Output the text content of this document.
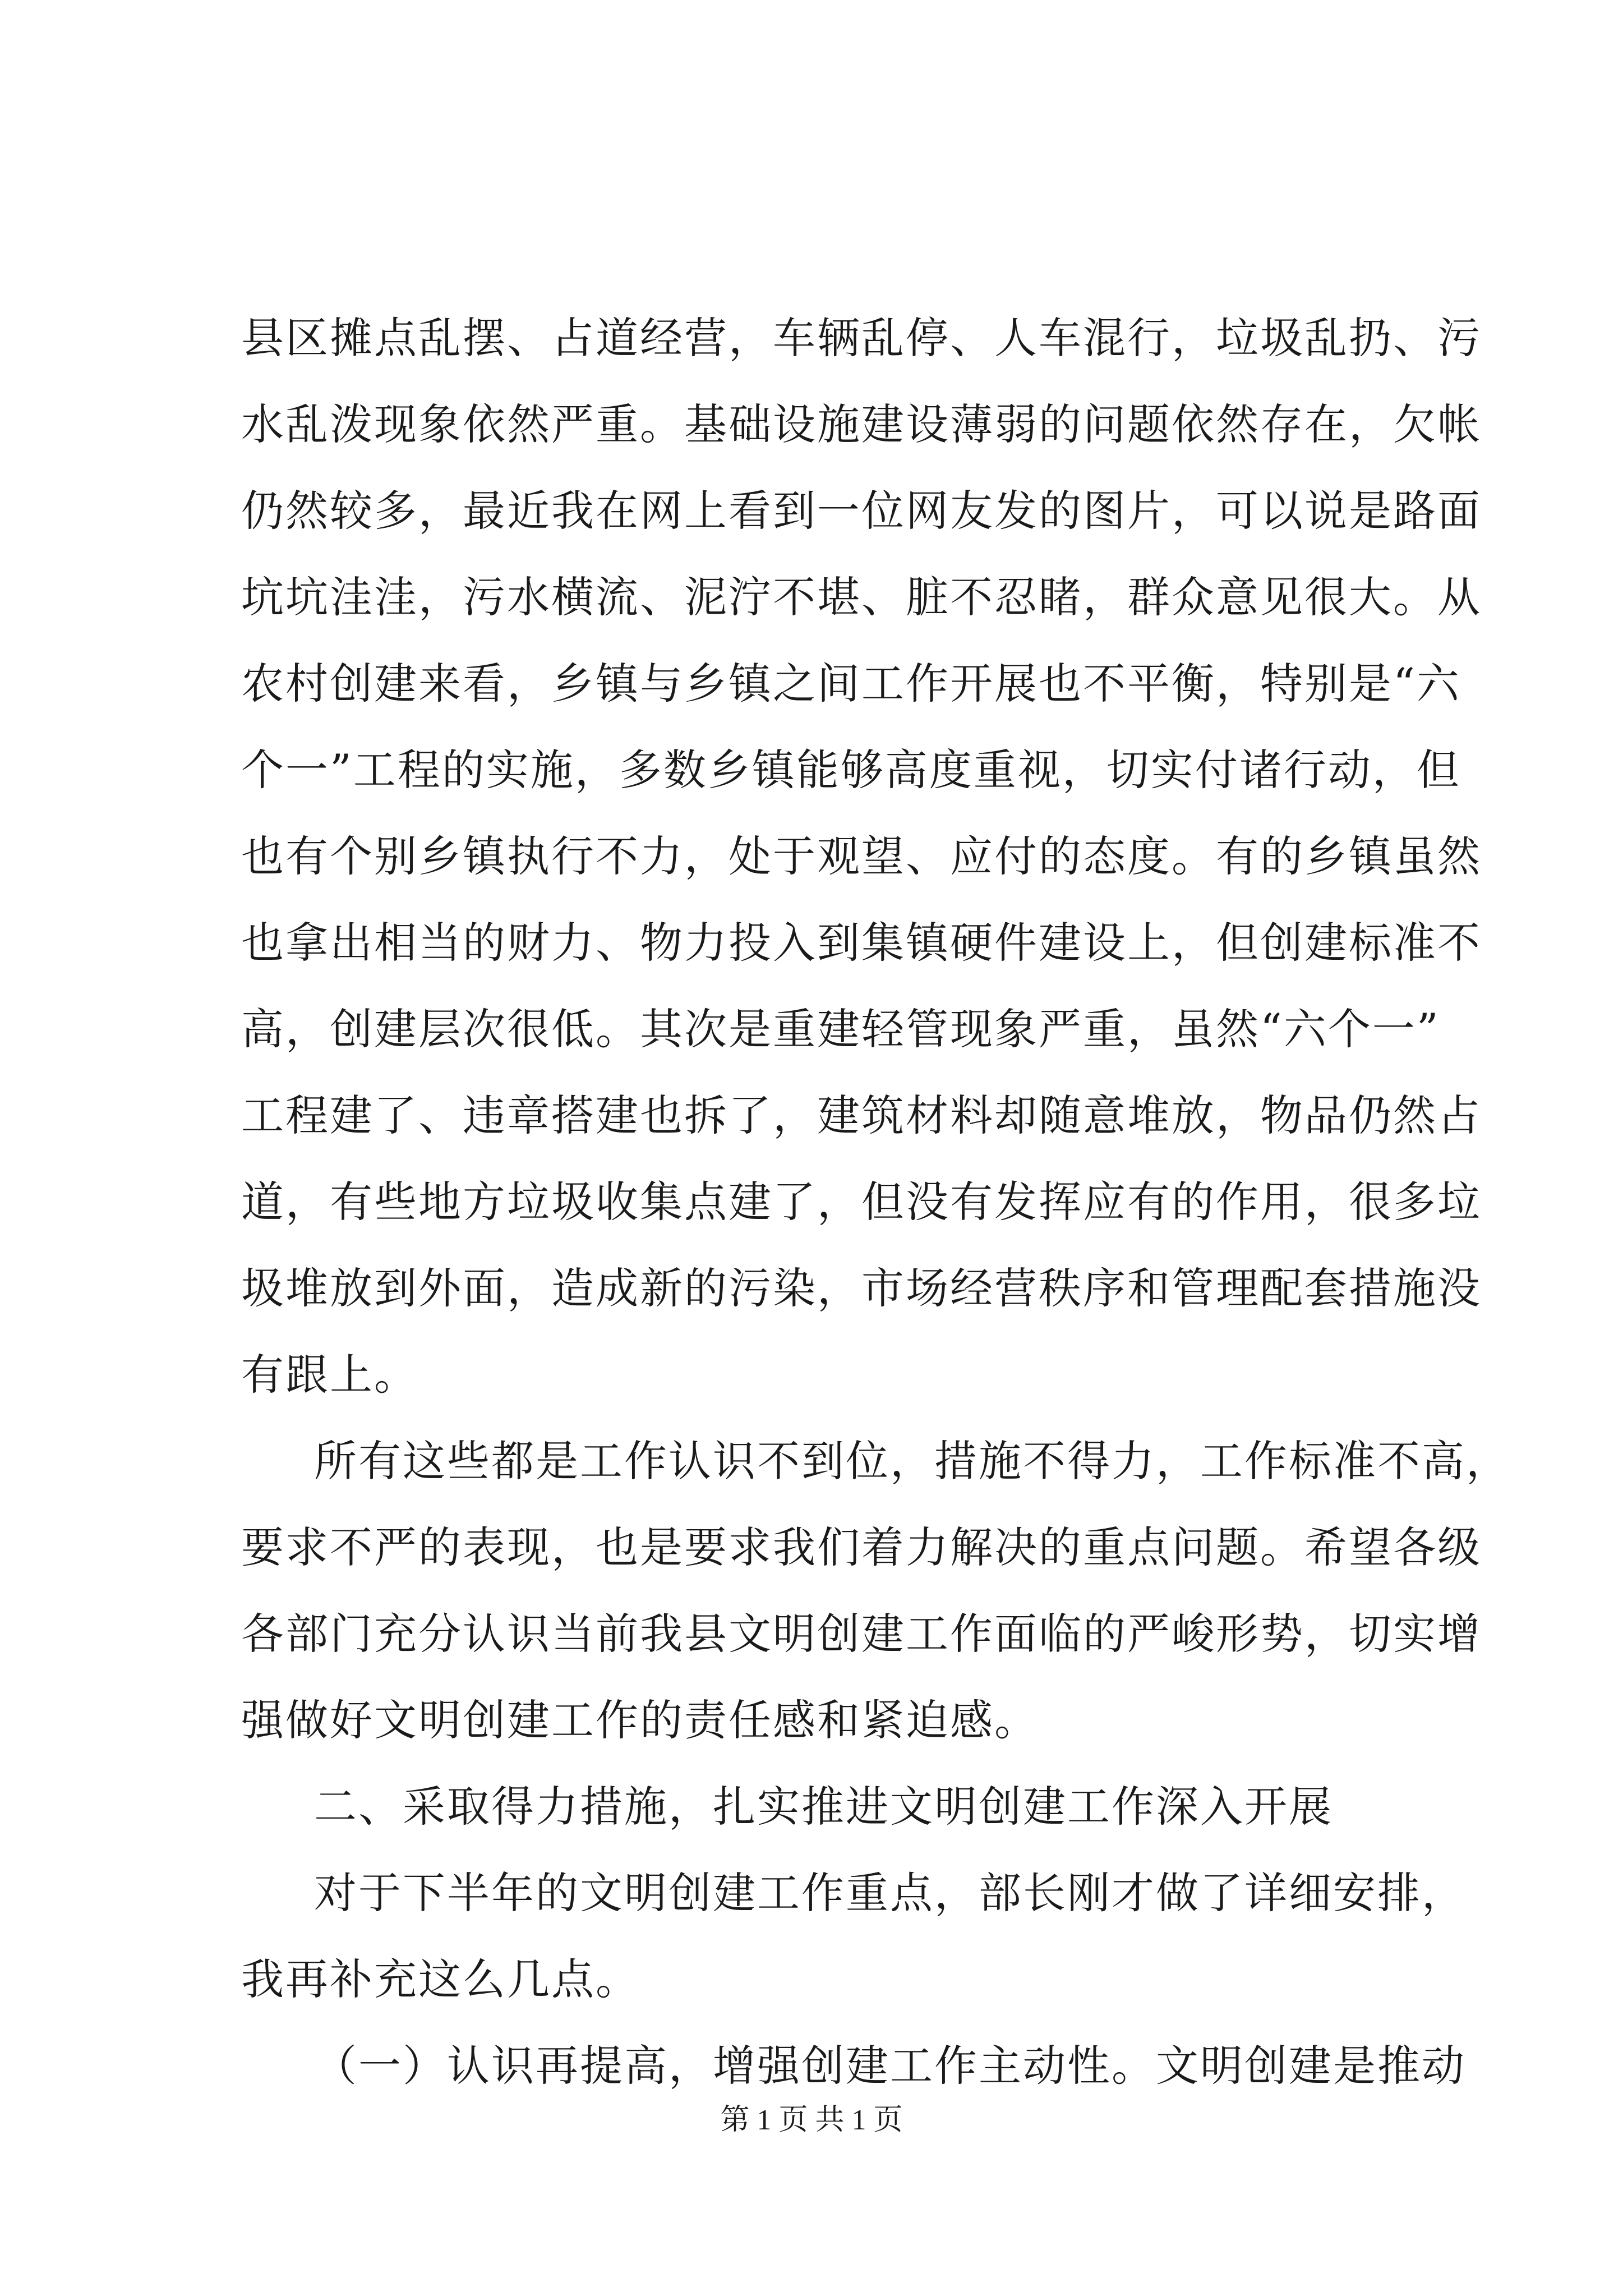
县区摊点乱摆、占道经营，车辆乱停、人车混行，垃圾乱扔、污
水乱泼现象依然严重。基础设施建设薄弱的问题依然存在，欠帐
仍然较多，最近我在网上看到一位网友发的图片，可以说是路面
坑坑洼洼，污水横流、泥泞不堪、脏不忍睹，群众意见很大。从
农村创建来看，乡镇与乡镇之间工作开展也不平衡，特别是“六
个一”工程的实施，多数乡镇能够高度重视，切实付诸行动，但
也有个别乡镇执行不力，处于观望、应付的态度。有的乡镇虽然
也拿出相当的财力、物力投入到集镇硬件建设上，但创建标准不
高，创建层次很低。其次是重建轻管现象严重，虽然“六个一”
工程建了、违章搭建也拆了，建筑材料却随意堆放，物品仍然占
道，有些地方垃圾收集点建了，但没有发挥应有的作用，很多垃
圾堆放到外面，造成新的污染，市场经营秩序和管理配套措施没
有跟上。
所有这些都是工作认识不到位，措施不得力，工作标准不高，
要求不严的表现，也是要求我们着力解决的重点问题。希望各级
各部门充分认识当前我县文明创建工作面临的严峻形势，切实增
强做好文明创建工作的责任感和紧迫感。
二、采取得力措施，扎实推进文明创建工作深入开展
对于下半年的文明创建工作重点，部长刚才做了详细安排，
我再补充这么几点。
（一）认识再提高，增强创建工作主动性。文明创建是推动
第 1 页 共 1 页
